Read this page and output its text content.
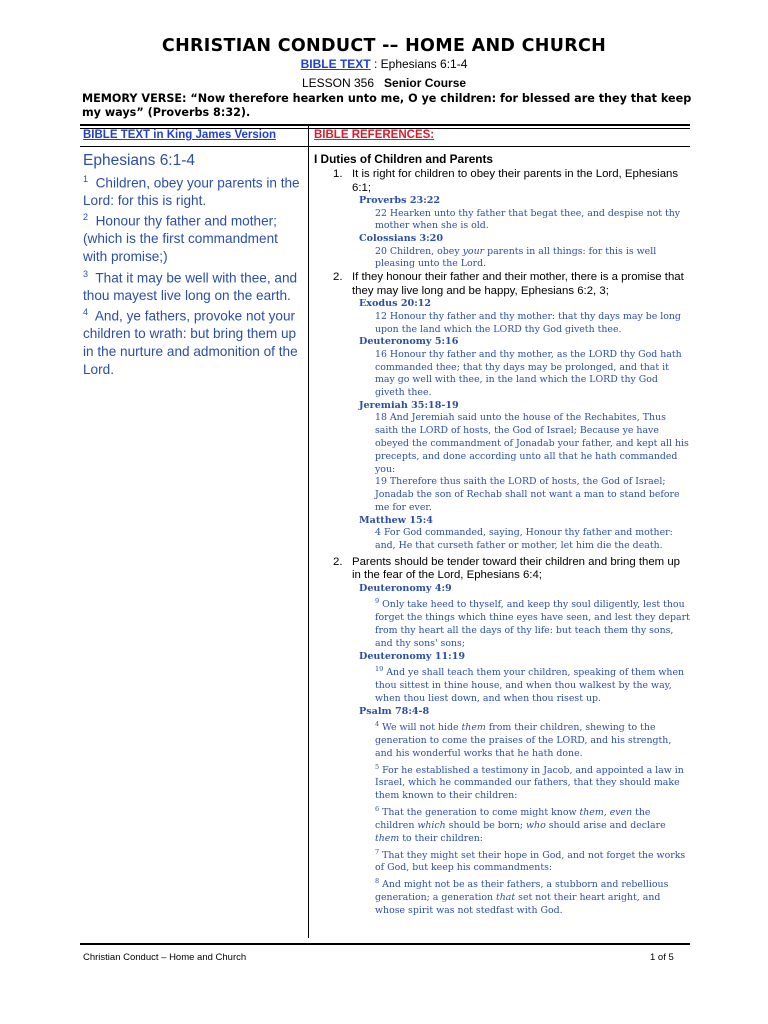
CHRISTIAN CONDUCT -– HOME AND CHURCH
BIBLE TEXT : Ephesians 6:1-4
LESSON 356 Senior Course
MEMORY VERSE: “Now therefore hearken unto me, O ye children: for blessed are they that keep my ways” (Proverbs 8:32).
BIBLE TEXT in King James Version	BIBLE REFERENCES:
Ephesians 6:1-4
$^1$ Children, obey your parents in the Lord: for this is right.
$^2$ Honour thy father and mother; (which is the first commandment with promise;)
$^3$ That it may be well with thee, and thou mayest live long on the earth.
$^4$ And, ye fathers, provoke not your children to wrath: but bring them up in the nurture and admonition of the Lord.
I Duties of Children and Parents
1. It is right for children to obey their parents in the Lord, Ephesians 6:1;
Proverbs 23:22
22 Hearken unto thy father that begat thee, and despise not thy mother when she is old.
Colossians 3:20
20 Children, obey your parents in all things: for this is well pleasing unto the Lord.
2. If they honour their father and their mother, there is a promise that they may live long and be happy, Ephesians 6:2, 3;
Exodus 20:12
12 Honour thy father and thy mother: that thy days may be long upon the land which the LORD thy God giveth thee.
Deuteronomy 5:16
16 Honour thy father and thy mother, as the LORD thy God hath commanded thee; that thy days may be prolonged, and that it may go well with thee, in the land which the LORD thy God giveth thee.
Jeremiah 35:18-19
18 And Jeremiah said unto the house of the Rechabites, Thus saith the LORD of hosts, the God of Israel; Because ye have obeyed the commandment of Jonadab your father, and kept all his precepts, and done according unto all that he hath commanded you:
19 Therefore thus saith the LORD of hosts, the God of Israel; Jonadab the son of Rechab shall not want a man to stand before me for ever.
Matthew 15:4
4 For God commanded, saying, Honour thy father and mother: and, He that curseth father or mother, let him die the death.
2. Parents should be tender toward their children and bring them up in the fear of the Lord, Ephesians 6:4;
Deuteronomy 4:9
$^9$ Only take heed to thyself, and keep thy soul diligently, lest thou forget the things which thine eyes have seen, and lest they depart from thy heart all the days of thy life: but teach them thy sons, and thy sons' sons;
Deuteronomy 11:19
$^{19}$ And ye shall teach them your children, speaking of them when thou sittest in thine house, and when thou walkest by the way, when thou liest down, and when thou risest up.
Psalm 78:4-8
$^4$ We will not hide them from their children, shewing to the generation to come the praises of the LORD, and his strength, and his wonderful works that he hath done.
$^5$ For he established a testimony in Jacob, and appointed a law in Israel, which he commanded our fathers, that they should make them known to their children:
$^6$ That the generation to come might know them, even the children which should be born; who should arise and declare them to their children:
$^7$ That they might set their hope in God, and not forget the works of God, but keep his commandments:
$^8$ And might not be as their fathers, a stubborn and rebellious generation; a generation that set not their heart aright, and whose spirit was not stedfast with God.
Christian Conduct – Home and Church	1 of 5
